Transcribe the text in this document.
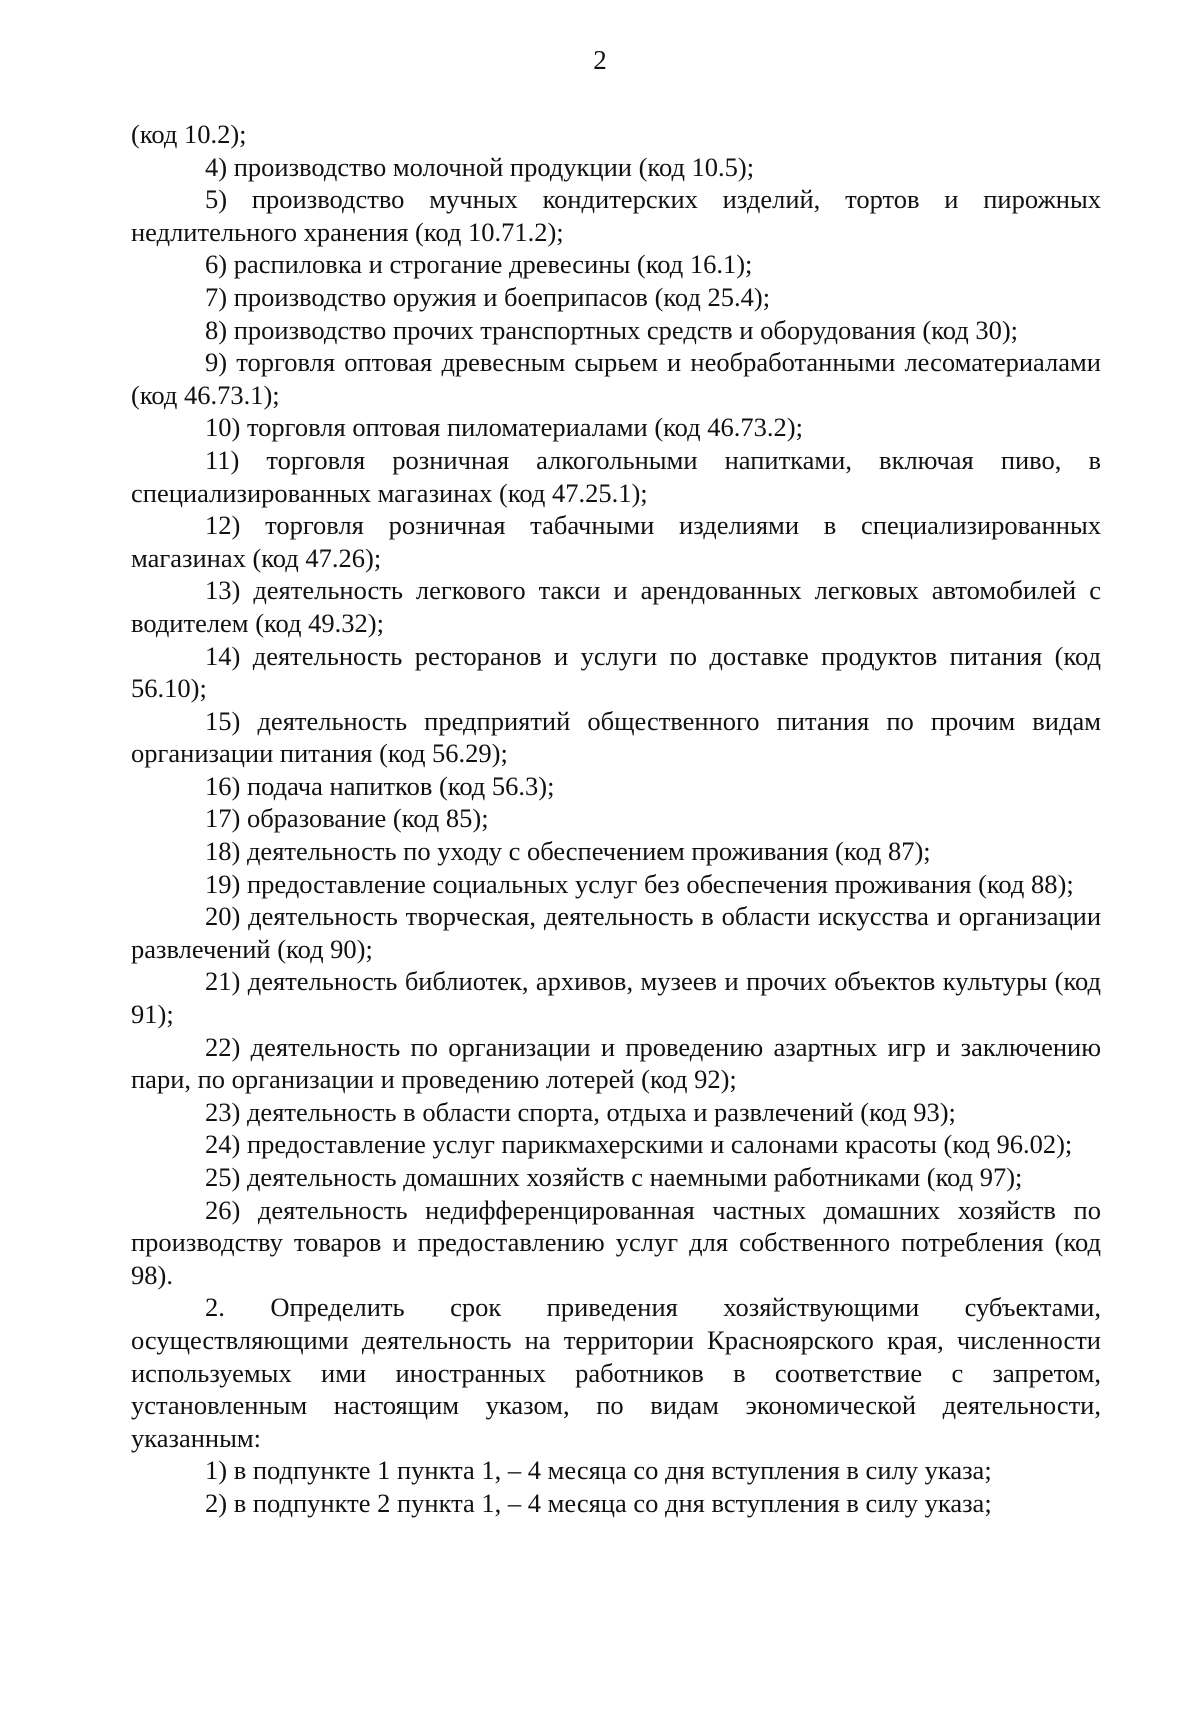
2

(код 10.2);

4) производство молочной продукции (код 10.5);

5) производство мучных кондитерских изделий, тортов и пирожных недлительного хранения (код 10.71.2);

6) распиловка и строгание древесины (код 16.1);

7) производство оружия и боеприпасов (код 25.4);

8) производство прочих транспортных средств и оборудования (код 30);

9) торговля оптовая древесным сырьем и необработанными лесоматериалами (код 46.73.1);

10) торговля оптовая пиломатериалами (код 46.73.2);

11) торговля розничная алкогольными напитками, включая пиво, в специализированных магазинах (код 47.25.1);

12) торговля розничная табачными изделиями в специализированных магазинах (код 47.26);

13) деятельность легкового такси и арендованных легковых автомобилей с водителем (код 49.32);

14) деятельность ресторанов и услуги по доставке продуктов питания (код 56.10);

15) деятельность предприятий общественного питания по прочим видам организации питания (код 56.29);

16) подача напитков (код 56.3);

17) образование (код 85);

18) деятельность по уходу с обеспечением проживания (код 87);

19) предоставление социальных услуг без обеспечения проживания (код 88);

20) деятельность творческая, деятельность в области искусства и организации развлечений (код 90);

21) деятельность библиотек, архивов, музеев и прочих объектов культуры (код 91);

22) деятельность по организации и проведению азартных игр и заключению пари, по организации и проведению лотерей (код 92);

23) деятельность в области спорта, отдыха и развлечений (код 93);

24) предоставление услуг парикмахерскими и салонами красоты (код 96.02);

25) деятельность домашних хозяйств с наемными работниками (код 97);

26) деятельность недифференцированная частных домашних хозяйств по производству товаров и предоставлению услуг для собственного потребления (код 98).

2. Определить срок приведения хозяйствующими субъектами, осуществляющими деятельность на территории Красноярского края, численности используемых ими иностранных работников в соответствие с запретом, установленным настоящим указом, по видам экономической деятельности, указанным:

1) в подпункте 1 пункта 1, – 4 месяца со дня вступления в силу указа;

2) в подпункте 2 пункта 1, – 4 месяца со дня вступления в силу указа;
